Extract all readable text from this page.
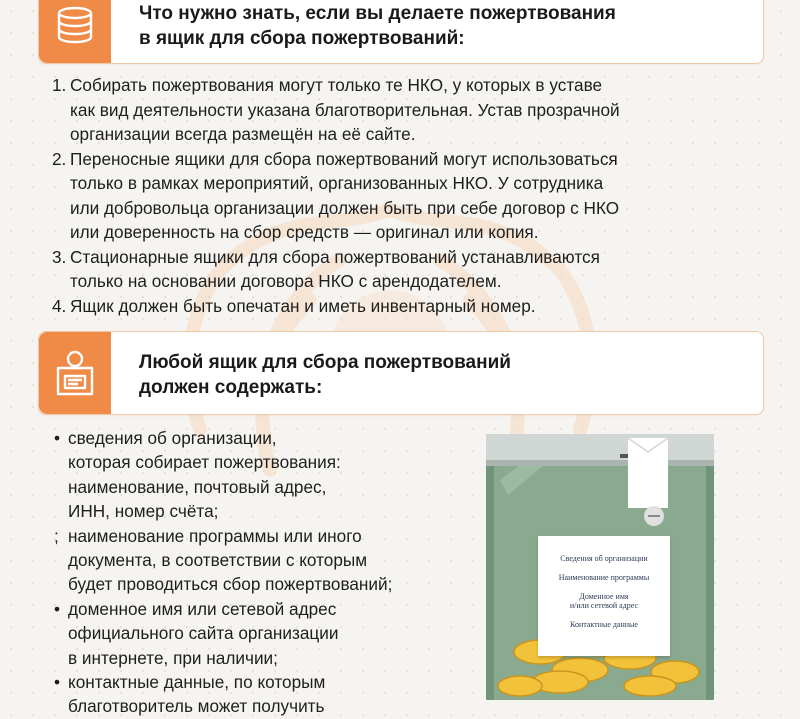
Что нужно знать, если вы делаете пожертвования
в ящик для сбора пожертвований:
1. Собирать пожертвования могут только те НКО, у которых в уставе
как вид деятельности указана благотворительная. Устав прозрачной
организации всегда размещён на её сайте.
2. Переносные ящики для сбора пожертвований могут использоваться
только в рамках мероприятий, организованных НКО. У сотрудника
или добровольца организации должен быть при себе договор с НКО
или доверенность на сбор средств — оригинал или копия.
3. Стационарные ящики для сбора пожертвований устанавливаются
только на основании договора НКО с арендодателем.
4. Ящик должен быть опечатан и иметь инвентарный номер.
Любой ящик для сбора пожертвований
должен содержать:
• сведения об организации,
которая собирает пожертвования:
наименование, почтовый адрес,
ИНН, номер счёта;
; наименование программы или иного
документа, в соответствии с которым
будет проводиться сбор пожертвований;
• доменное имя или сетевой адрес
официального сайта организации
в интернете, при наличии;
• контактные данные, по которым
благотворитель может получить
Сведения об организации
Наименование программы
Доменное имя
и/или сетевой адрес
Контактные данные
